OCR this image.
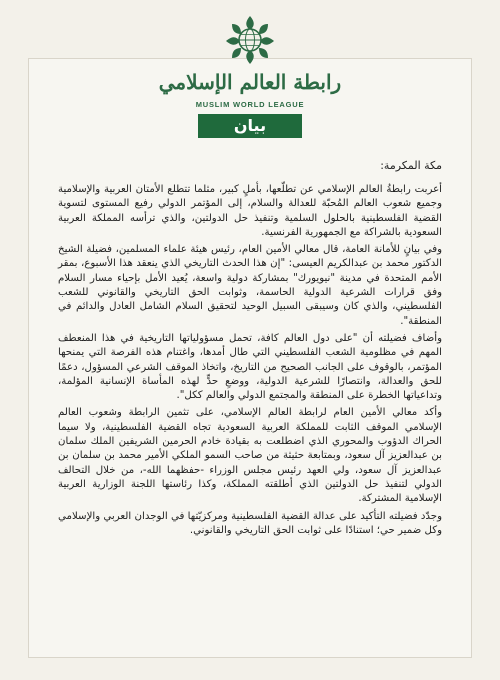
رابطة العالم الإسلامي
MUSLIM WORLD LEAGUE
بيان
مكة المكرمة:

أعربت رابطةُ العالم الإسلامي عن تطلّعها، بأملٍ كبير، مثلما تتطلع الأمتان العربية والإسلامية وجميع شعوب العالم المُحبّة للعدالة والسلام، إلى المؤتمر الدولي رفيع المستوى لتسوية القضية الفلسطينية بالحلول السلمية وتنفيذ حل الدولتين، والذي ترأسه المملكة العربية السعودية بالشراكة مع الجمهورية الفرنسية.

وفي بيانٍ للأمانة العامة، قال معالي الأمين العام، رئيس هيئة علماء المسلمين، فضيلة الشيخ الدكتور محمد بن عبدالكريم العيسى: "إن هذا الحدث التاريخي الذي ينعقد هذا الأسبوع، بمقر الأمم المتحدة في مدينة "نيويورك" بمشاركة دولية واسعة، يُعيد الأمل بإحياء مسار السلام وفق قرارات الشرعية الدولية الحاسمة، وثوابت الحق التاريخي والقانوني للشعب الفلسطيني، والذي كان وسيبقى السبيل الوحيد لتحقيق السلام الشامل العادل والدائم في المنطقة".

وأضاف فضيلته أن "على دول العالم كافة، تحمل مسؤولياتها التاريخية في هذا المنعطف المهم في مظلومية الشعب الفلسطيني التي طال أمدها، واغتنام هذه الفرصة التي يمنحها المؤتمر، بالوقوف على الجانب الصحيح من التاريخ، واتخاذ الموقف الشرعي المسؤول، دعمًا للحق والعدالة، وانتصارًا للشرعية الدولية، ووضعِ حدٍّ لهذه المأساة الإنسانية المؤلمة، وتداعياتها الخطرة على المنطقة والمجتمع الدولي والعالم ككل".

وأكد معالي الأمين العام لرابطة العالم الإسلامي، على تثمين الرابطة وشعوب العالم الإسلامي الموقف الثابت للمملكة العربية السعودية تجاه القضية الفلسطينية، ولا سيما الحراك الدؤوب والمحوري الذي اضطلعت به بقيادة خادم الحرمين الشريفين الملك سلمان بن عبدالعزيز آل سعود، وبمتابعة حثيثة من صاحب السمو الملكي الأمير محمد بن سلمان بن عبدالعزيز آل سعود، ولي العهد رئيس مجلس الوزراء -حفظهما الله-، من خلال التحالف الدولي لتنفيذ حل الدولتين الذي أطلقته المملكة، وكذا رئاستها اللجنة الوزارية العربية الإسلامية المشتركة.

وجدّد فضيلته التأكيد على عدالة القضية الفلسطينية ومركزيّتها في الوجدان العربي والإسلامي وكل ضمير حي؛ استنادًا على ثوابت الحق التاريخي والقانوني.
